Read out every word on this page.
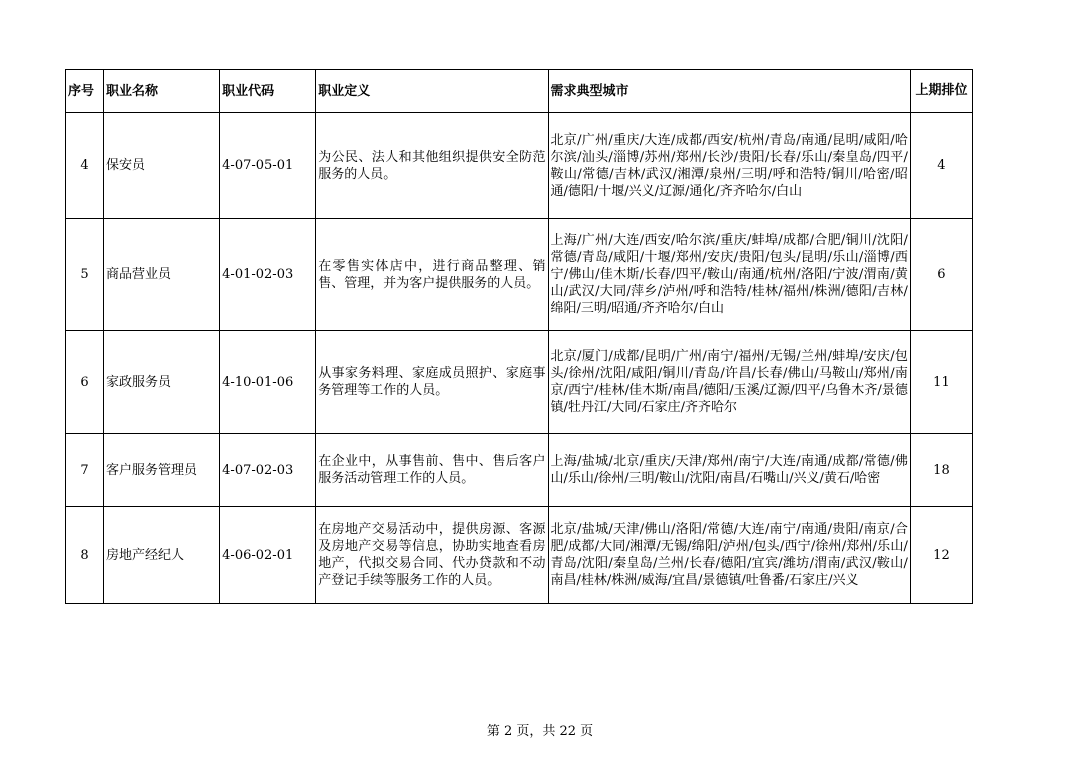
序号	职业名称	职业代码	职业定义	需求典型城市	上期排位
4	保安员	4-07-05-01	为公民、法人和其他组织提供安全防范服务的人员。	北京/广州/重庆/大连/成都/西安/杭州/青岛/南通/昆明/咸阳/哈尔滨/汕头/淄博/苏州/郑州/长沙/贵阳/长春/乐山/秦皇岛/四平/鞍山/常德/吉林/武汉/湘潭/泉州/三明/呼和浩特/铜川/哈密/昭通/德阳/十堰/兴义/辽源/通化/齐齐哈尔/白山	4
5	商品营业员	4-01-02-03	在零售实体店中，进行商品整理、销售、管理，并为客户提供服务的人员。	上海/广州/大连/西安/哈尔滨/重庆/蚌埠/成都/合肥/铜川/沈阳/常德/青岛/咸阳/十堰/郑州/安庆/贵阳/包头/昆明/乐山/淄博/西宁/佛山/佳木斯/长春/四平/鞍山/南通/杭州/洛阳/宁波/渭南/黄山/武汉/大同/萍乡/泸州/呼和浩特/桂林/福州/株洲/德阳/吉林/绵阳/三明/昭通/齐齐哈尔/白山	6
6	家政服务员	4-10-01-06	从事家务料理、家庭成员照护、家庭事务管理等工作的人员。	北京/厦门/成都/昆明/广州/南宁/福州/无锡/兰州/蚌埠/安庆/包头/徐州/沈阳/咸阳/铜川/青岛/许昌/长春/佛山/马鞍山/郑州/南京/西宁/桂林/佳木斯/南昌/德阳/玉溪/辽源/四平/乌鲁木齐/景德镇/牡丹江/大同/石家庄/齐齐哈尔	11
7	客户服务管理员	4-07-02-03	在企业中，从事售前、售中、售后客户服务活动管理工作的人员。	上海/盐城/北京/重庆/天津/郑州/南宁/大连/南通/成都/常德/佛山/乐山/徐州/三明/鞍山/沈阳/南昌/石嘴山/兴义/黄石/哈密	18
8	房地产经纪人	4-06-02-01	在房地产交易活动中，提供房源、客源及房地产交易等信息，协助实地查看房地产，代拟交易合同、代办贷款和不动产登记手续等服务工作的人员。	北京/盐城/天津/佛山/洛阳/常德/大连/南宁/南通/贵阳/南京/合肥/成都/大同/湘潭/无锡/绵阳/泸州/包头/西宁/徐州/郑州/乐山/青岛/沈阳/秦皇岛/兰州/长春/德阳/宜宾/潍坊/渭南/武汉/鞍山/南昌/桂林/株洲/威海/宜昌/景德镇/吐鲁番/石家庄/兴义	12
第 2 页，共 22 页
